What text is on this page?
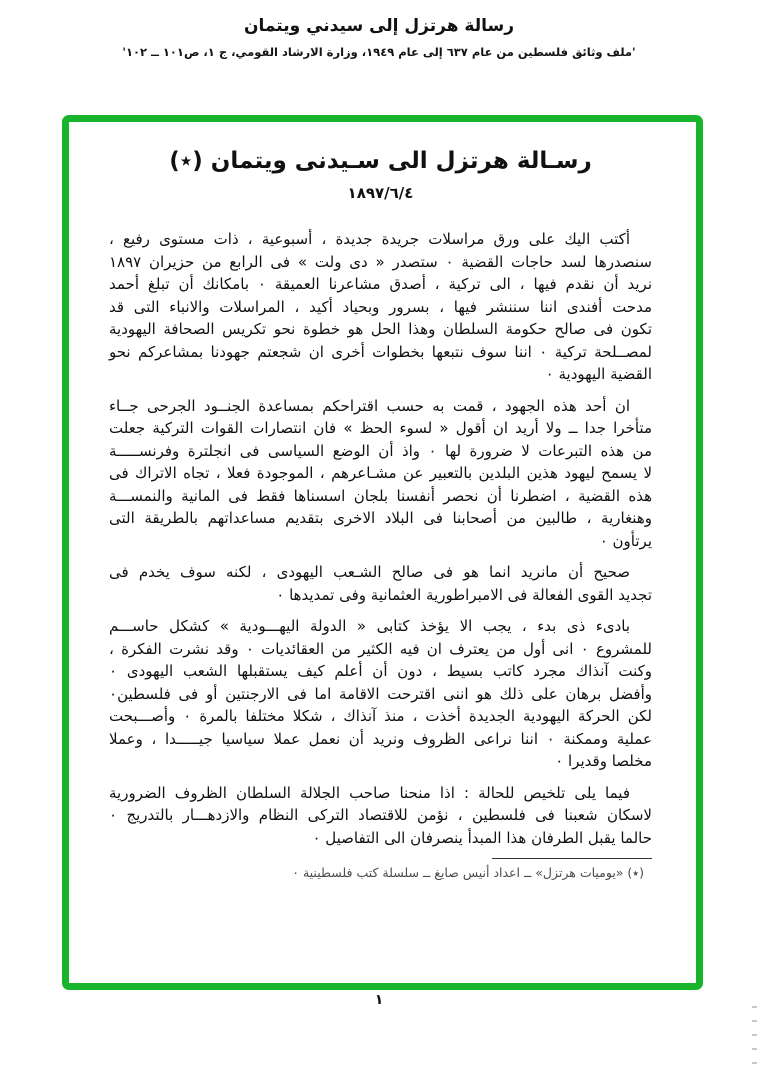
رسالة هرتزل إلى سيدني ويتمان
'ملف وثائق فلسطين من عام ٦٣٧ إلى عام ١٩٤٩، وزارة الارشاد القومي، ج ١، ص١٠١ ــ ١٠٢'
رسـالة هرتزل الى سـيدنى ويتمان (٭)
١٨٩٧/٦/٤
أكتب اليك على ورق مراسلات جريدة جديدة ، أسبوعية ، ذات مستوى رفيع ،
سنصدرها لسد حاجات القضية ٠ ستصدر « دى ولت » فى الرابع من حزيران ١٨٩٧
نريد أن نقدم فيها ، الى تركية ، أصدق مشاعرنا العميقة ٠ بامكانك أن تبلغ أحمد
مدحت أفندى اننا سننشر فيها ، بسرور وبحياد أكيد ، المراسلات والانباء التى قد
تكون فى صالح حكومة السلطان وهذا الحل هو خطوة نحو تكريس الصحافة اليهودية
لمصــلحة تركية ٠ اننا سوف نتبعها بخطوات أخرى ان شجعتم جهودنا بمشاعركم نحو
القضية اليهودية ٠
ان أحد هذه الجهود ، قمت به حسب اقتراحكم بمساعدة الجنــود الجرحى جــاء
متأخرا جدا ــ ولا أريد ان أقول « لسوء الحظ » فان انتصارات القوات التركية جعلت
من هذه التبرعات لا ضرورة لها ٠ واذ أن الوضع السياسى فى انجلترة وفرنســـــة
لا يسمح ليهود هذين البلدين بالتعبير عن مشـاعرهم ، الموجودة فعلا ، تجاه الاتراك فى
هذه القضية ، اضطرنا أن نحصر أنفسنا بلجان اسسناها فقط فى المانية والنمســـة
وهنغارية ، طالبين من أصحابنا فى البلاد الاخرى بتقديم مساعداتهم بالطريقة التى
يرتأون ٠
صحيح أن مانريد انما هو فى صالح الشـعب اليهودى ، لكنه سوف يخدم فى
تجديد القوى الفعالة فى الامبراطورية العثمانية وفى تمديدها ٠
بادىء ذى بدء ، يجب الا يؤخذ كتابى « الدولة اليهـــودية » كشكل حاســـم
للمشروع ٠ انى أول من يعترف ان فيه الكثير من العقائديات ٠ وقد نشرت الفكرة ،
وكنت آنذاك مجرد كاتب بسيط ، دون أن أعلم كيف يستقبلها الشعب اليهودى ٠
وأفضل برهان على ذلك هو اننى اقترحت الاقامة اما فى الارجنتين أو فى فلسطين٠
لكن الحركة اليهودية الجديدة أخذت ، منذ آنذاك ، شكلا مختلفا بالمرة ٠ وأصـــبحت
عملية وممكنة ٠ اننا نراعى الظروف ونريد أن نعمل عملا سياسيا جيـــــدا ، وعملا
مخلصا وقديرا ٠
فيما يلى تلخيص للحالة : اذا منحنا صاحب الجلالة السلطان الظروف الضرورية
لاسكان شعبنا فى فلسطين ، نؤمن للاقتصاد التركى النظام والازدهـــار بالتدريج ٠
حالما يقبل الطرفان هذا المبدأ ينصرفان الى التفاصيل ٠
(٭) «يوميات هرتزل» ــ اعداد أنيس صايغ ــ سلسلة كتب فلسطينية ٠
١
